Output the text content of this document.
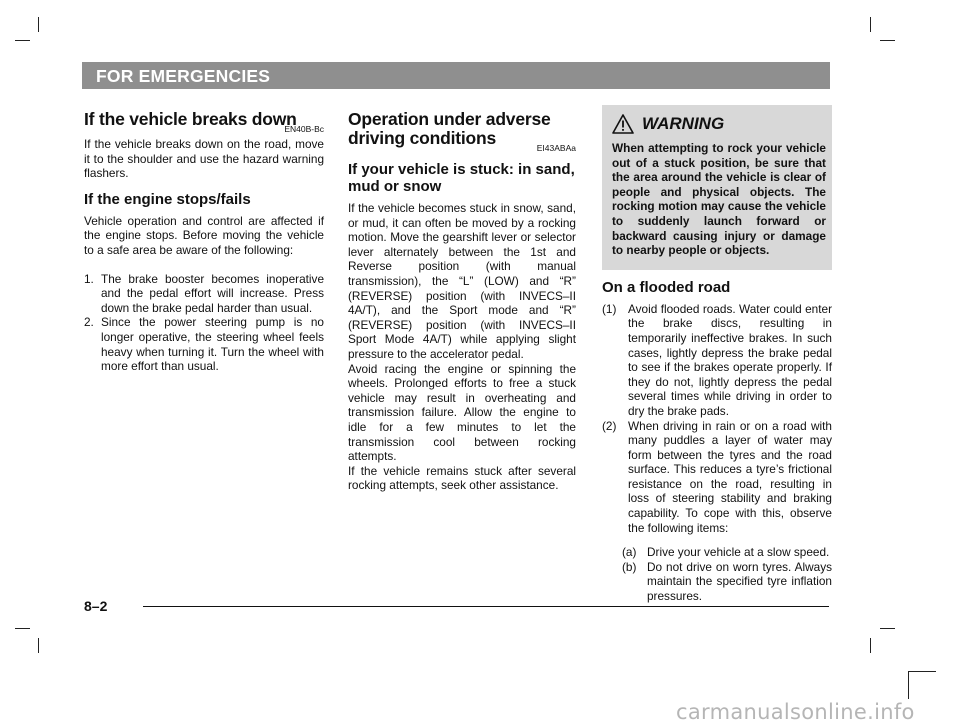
FOR EMERGENCIES
If the vehicle breaks down
EN40B-Bc

If the vehicle breaks down on the road, move it to the shoulder and use the hazard warning flashers.

If the engine stops/fails

Vehicle operation and control are affected if the engine stops. Before moving the vehicle to a safe area be aware of the following:

1. The brake booster becomes inoperative and the pedal effort will increase. Press down the brake pedal harder than usual.
2. Since the power steering pump is no longer operative, the steering wheel feels heavy when turning it. Turn the wheel with more effort than usual.
Operation under adverse
driving conditions	EI43ABAa
If your vehicle is stuck: in sand, mud or snow

If the vehicle becomes stuck in snow, sand, or mud, it can often be moved by a rocking motion. Move the gearshift lever or selector lever alternately between the 1st and Reverse position (with manual transmission), the “L” (LOW) and “R” (REVERSE) position (with INVECS–II 4A/T), and the Sport mode and “R” (REVERSE) position (with INVECS–II Sport Mode 4A/T) while applying slight pressure to the accelerator pedal.

Avoid racing the engine or spinning the wheels. Prolonged efforts to free a stuck vehicle may result in overheating and transmission failure. Allow the engine to idle for a few minutes to let the transmission cool between rocking attempts.

If the vehicle remains stuck after several rocking attempts, seek other assistance.

WARNING
When attempting to rock your vehicle out of a stuck position, be sure that the area around the vehicle is clear of people and physical objects. The rocking motion may cause the vehicle to suddenly launch forward or backward causing injury or damage to nearby people or objects.
On a flooded road
(1) Avoid flooded roads. Water could enter the brake discs, resulting in temporarily ineffective brakes. In such cases, lightly depress the brake pedal to see if the brakes operate properly. If they do not, lightly depress the pedal several times while driving in order to dry the brake pads.
(2) When driving in rain or on a road with many puddles a layer of water may form between the tyres and the road surface. This reduces a tyre’s frictional resistance on the road, resulting in loss of steering stability and braking capability. To cope with this, observe the following items:
(a) Drive your vehicle at a slow speed.
(b) Do not drive on worn tyres. Always maintain the specified tyre inflation pressures.
8–2
carmanualsonline.info
